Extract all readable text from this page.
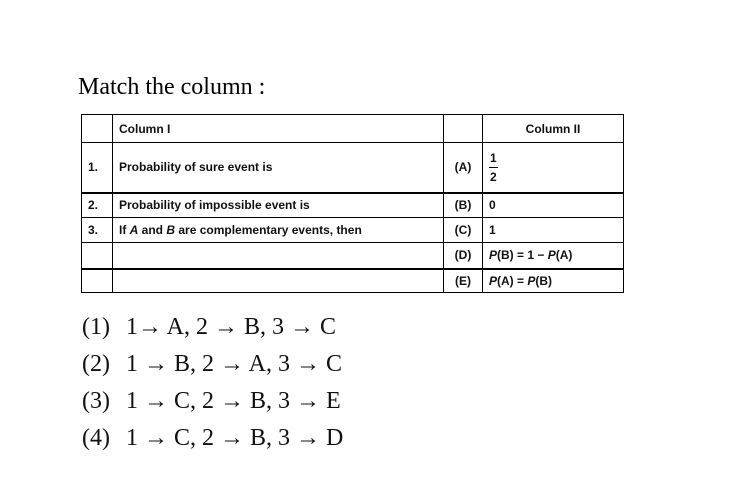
Match the column :
	Column I		Column II
1.	Probability of sure event is	(A)	$\frac{1}{2}$

2.	Probability of impossible event is	(B)	0
3.	If A and B are complementary events, then	(C)	1
		(D)	P(B) = 1 − P(A)
		(E)	P(A) = P(B)
(1) 1→ A, 2 → B, 3 → C
(2) 1 → B, 2 → A, 3 → C
(3) 1 → C, 2 → B, 3 → E
(4) 1 → C, 2 → B, 3 → D
